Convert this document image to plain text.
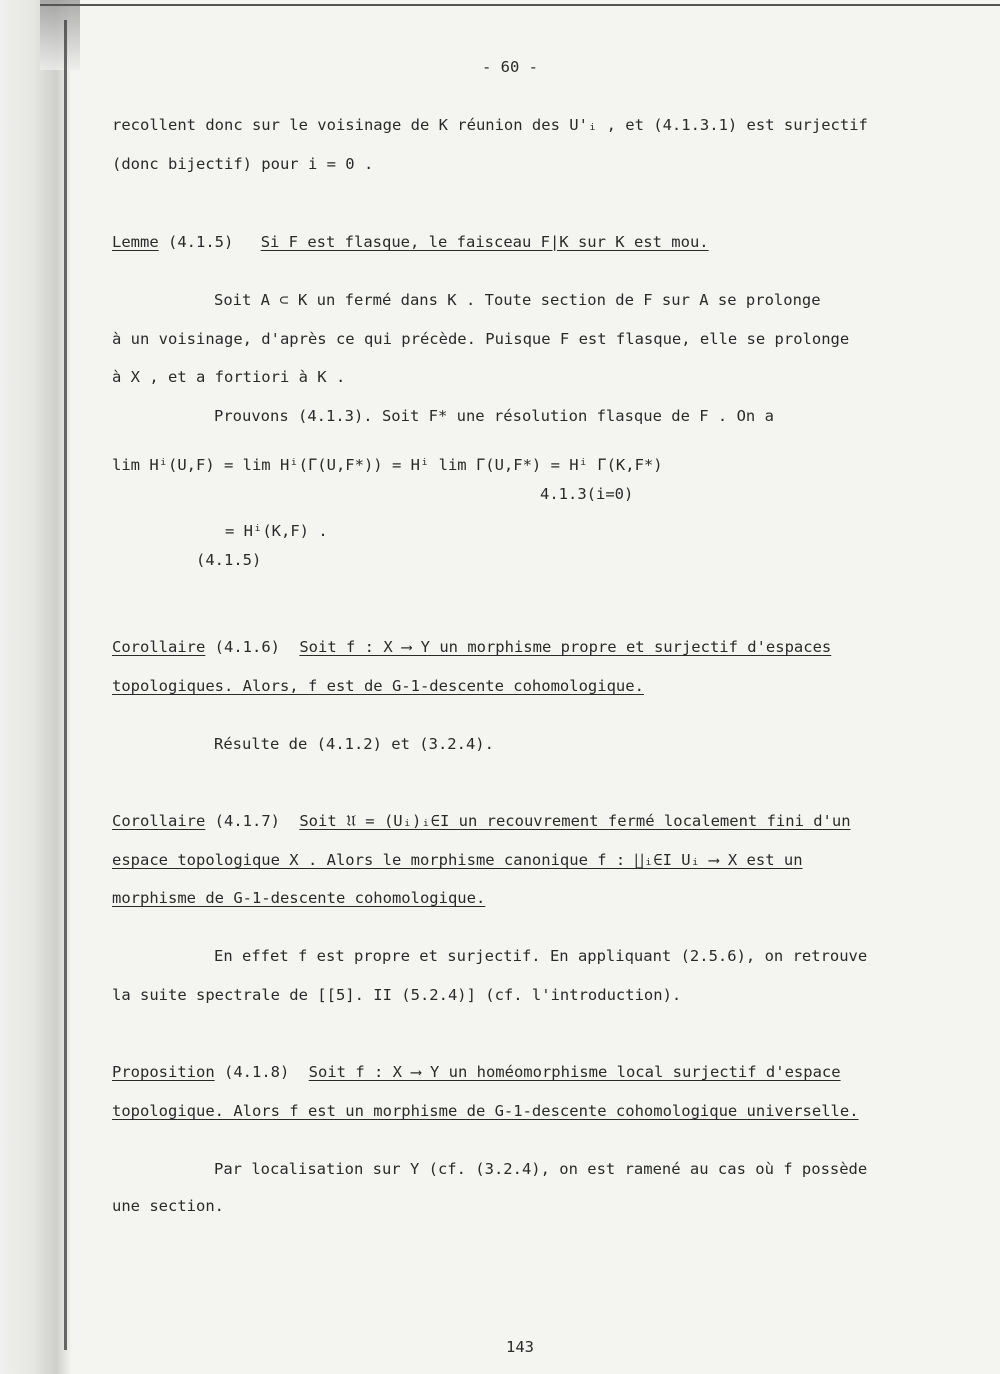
- 60 -
recollent donc sur le voisinage de K réunion des U'ᵢ , et (4.1.3.1) est surjectif
(donc bijectif) pour i = 0 .
Lemme (4.1.5) Si F est flasque, le faisceau F|K sur K est mou.
Soit A ⊂ K un fermé dans K . Toute section de F sur A se prolonge
à un voisinage, d'après ce qui précède. Puisque F est flasque, elle se prolonge
à X , et a fortiori à K .
Prouvons (4.1.3). Soit F* une résolution flasque de F . On a
lim Hⁱ(U,F) = lim Hⁱ(Γ(U,F*)) = Hⁱ lim Γ(U,F*) = Hⁱ Γ(K,F*)
4.1.3(i=0)
= Hⁱ(K,F) .
(4.1.5)
Corollaire (4.1.6) Soit f : X ⟶ Y un morphisme propre et surjectif d'espaces
topologiques. Alors, f est de G-1-descente cohomologique.
Résulte de (4.1.2) et (3.2.4).
Corollaire (4.1.7) Soit 𝔘 = (Uᵢ)ᵢ∈I un recouvrement fermé localement fini d'un
espace topologique X . Alors le morphisme canonique f : ∐ᵢ∈I Uᵢ ⟶ X est un
morphisme de G-1-descente cohomologique.
En effet f est propre et surjectif. En appliquant (2.5.6), on retrouve
la suite spectrale de [[5]. II (5.2.4)] (cf. l'introduction).
Proposition (4.1.8) Soit f : X ⟶ Y un homéomorphisme local surjectif d'espace
topologique. Alors f est un morphisme de G-1-descente cohomologique universelle.
Par localisation sur Y (cf. (3.2.4), on est ramené au cas où f possède
une section.
143
